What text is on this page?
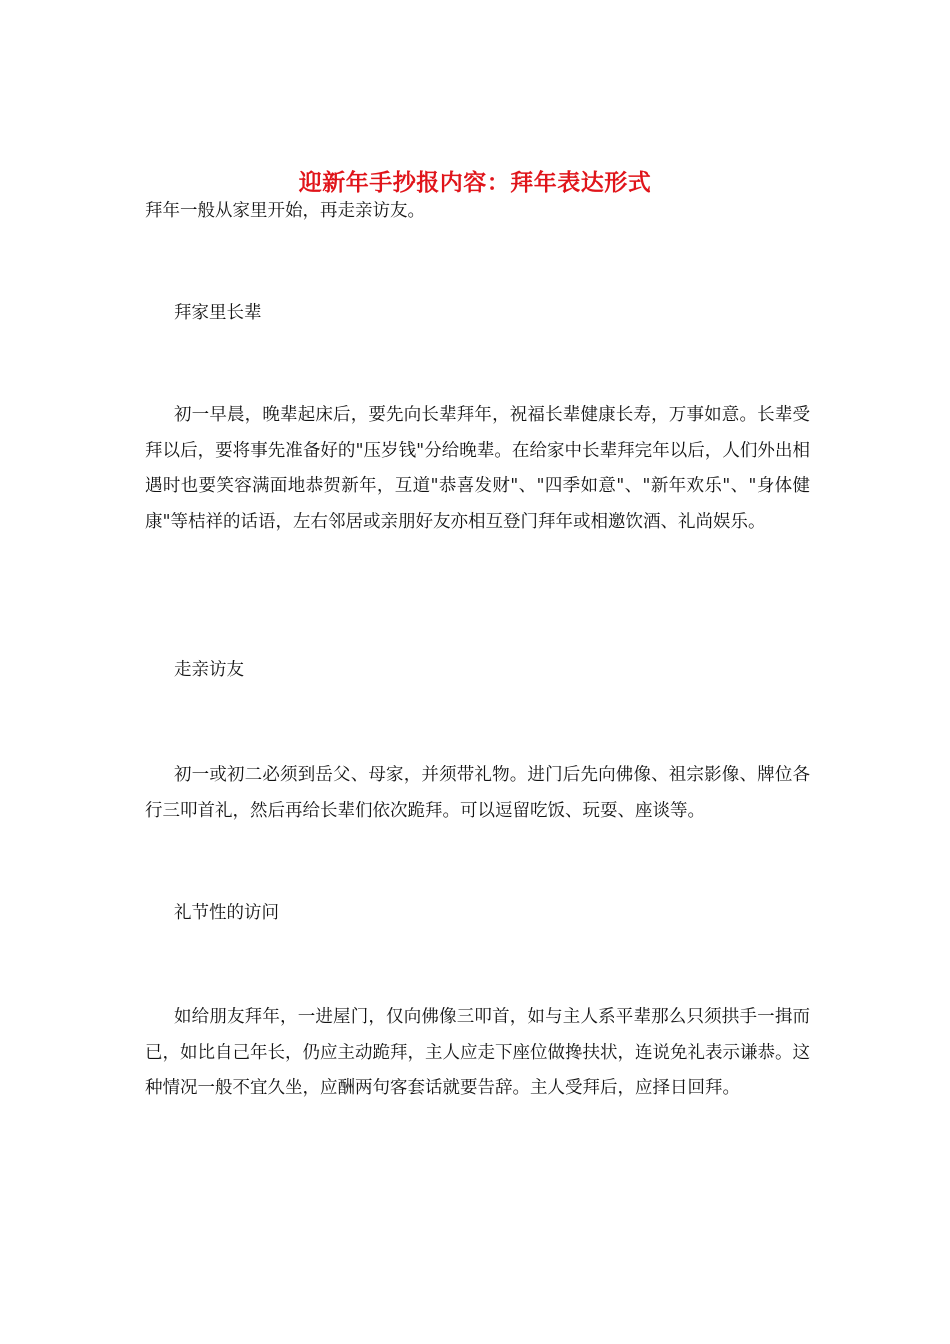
迎新年手抄报内容：拜年表达形式

拜年一般从家里开始，再走亲访友。

拜家里长辈

初一早晨，晚辈起床后，要先向长辈拜年，祝福长辈健康长寿，万事如意。长辈受拜以后，要将事先准备好的"压岁钱"分给晚辈。在给家中长辈拜完年以后，人们外出相遇时也要笑容满面地恭贺新年，互道"恭喜发财"、"四季如意"、"新年欢乐"、"身体健康"等桔祥的话语，左右邻居或亲朋好友亦相互登门拜年或相邀饮酒、礼尚娱乐。

走亲访友

初一或初二必须到岳父、母家，并须带礼物。进门后先向佛像、祖宗影像、牌位各行三叩首礼，然后再给长辈们依次跪拜。可以逗留吃饭、玩耍、座谈等。

礼节性的访问

如给朋友拜年，一进屋门，仅向佛像三叩首，如与主人系平辈那么只须拱手一揖而已，如比自己年长，仍应主动跪拜，主人应走下座位做搀扶状，连说免礼表示谦恭。这种情况一般不宜久坐，应酬两句客套话就要告辞。主人受拜后，应择日回拜。
